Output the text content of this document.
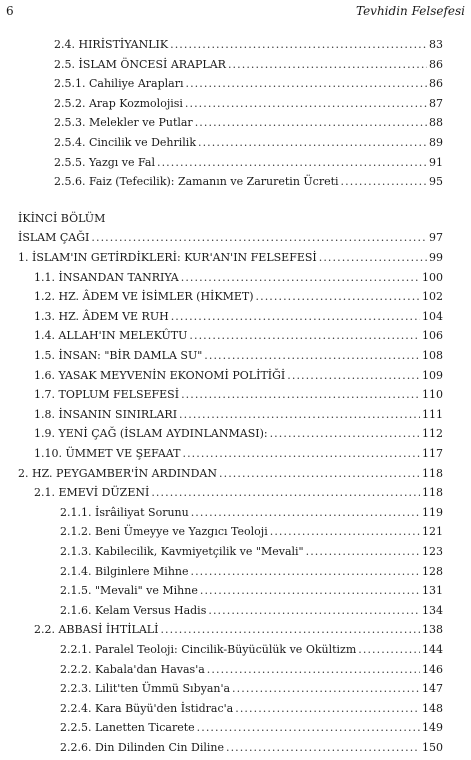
6	Tevhidin Felsefesi
2.4. HIRİSTİYANLIK . . .	83
2.5. İSLAM ÖNCESİ ARAPLAR . . .	86
2.5.1. Cahiliye Arapları . . .	86
2.5.2. Arap Kozmolojisi . . .	87
2.5.3. Melekler ve Putlar . . .	88
2.5.4. Cincilik ve Dehrilik . . .	89
2.5.5. Yazgı ve Fal . . .	91
2.5.6. Faiz (Tefecilik): Zamanın ve Zaruretin Ücreti . . .	95
İKİNCİ BÖLÜM
İSLAM ÇAĞI . . .	97
1. İSLAM'IN GETİRDİKLERİ: KUR'AN'IN FELSEFESİ . . .	99
1.1. İNSANDAN TANRIYA . . .	100
1.2. HZ. ÂDEM VE İSİMLER (HİKMET) . . .	102
1.3. HZ. ÂDEM VE RUH . . .	104
1.4. ALLAH'IN MELEKÛTU . . .	106
1.5. İNSAN: "BİR DAMLA SU" . . .	108
1.6. YASAK MEYVENİN EKONOMİ POLİTİĞİ . . .	109
1.7. TOPLUM FELSEFESİ . . .	110
1.8. İNSANIN SINIRLARI . . .	111
1.9. YENİ ÇAĞ (İSLAM AYDINLANMASI): . . .	112
1.10. ÜMMET VE ŞEFAAT . . .	117
2. HZ. PEYGAMBER'İN ARDINDAN . . .	118
2.1. EMEVİ DÜZENİ . . .	118
2.1.1. İsrâiliyat Sorunu . . .	119
2.1.2. Beni Ümeyye ve Yazgıcı Teoloji . . .	121
2.1.3. Kabilecilik, Kavmiyetçilik ve "Mevali" . . .	123
2.1.4. Bilginlere Mihne . . .	128
2.1.5. "Mevali" ve Mihne . . .	131
2.1.6. Kelam Versus Hadis . . .	134
2.2. ABBASİ İHTİLALİ . . .	138
2.2.1. Paralel Teoloji: Cincilik-Büyücülük ve Okültizm . . .	144
2.2.2. Kabala'dan Havas'a . . .	146
2.2.3. Lilit'ten Ümmü Sıbyan'a . . .	147
2.2.4. Kara Büyü'den İstidrac'a . . .	148
2.2.5. Lanetten Ticarete . . .	149
2.2.6. Din Dilinden Cin Diline . . .	150
